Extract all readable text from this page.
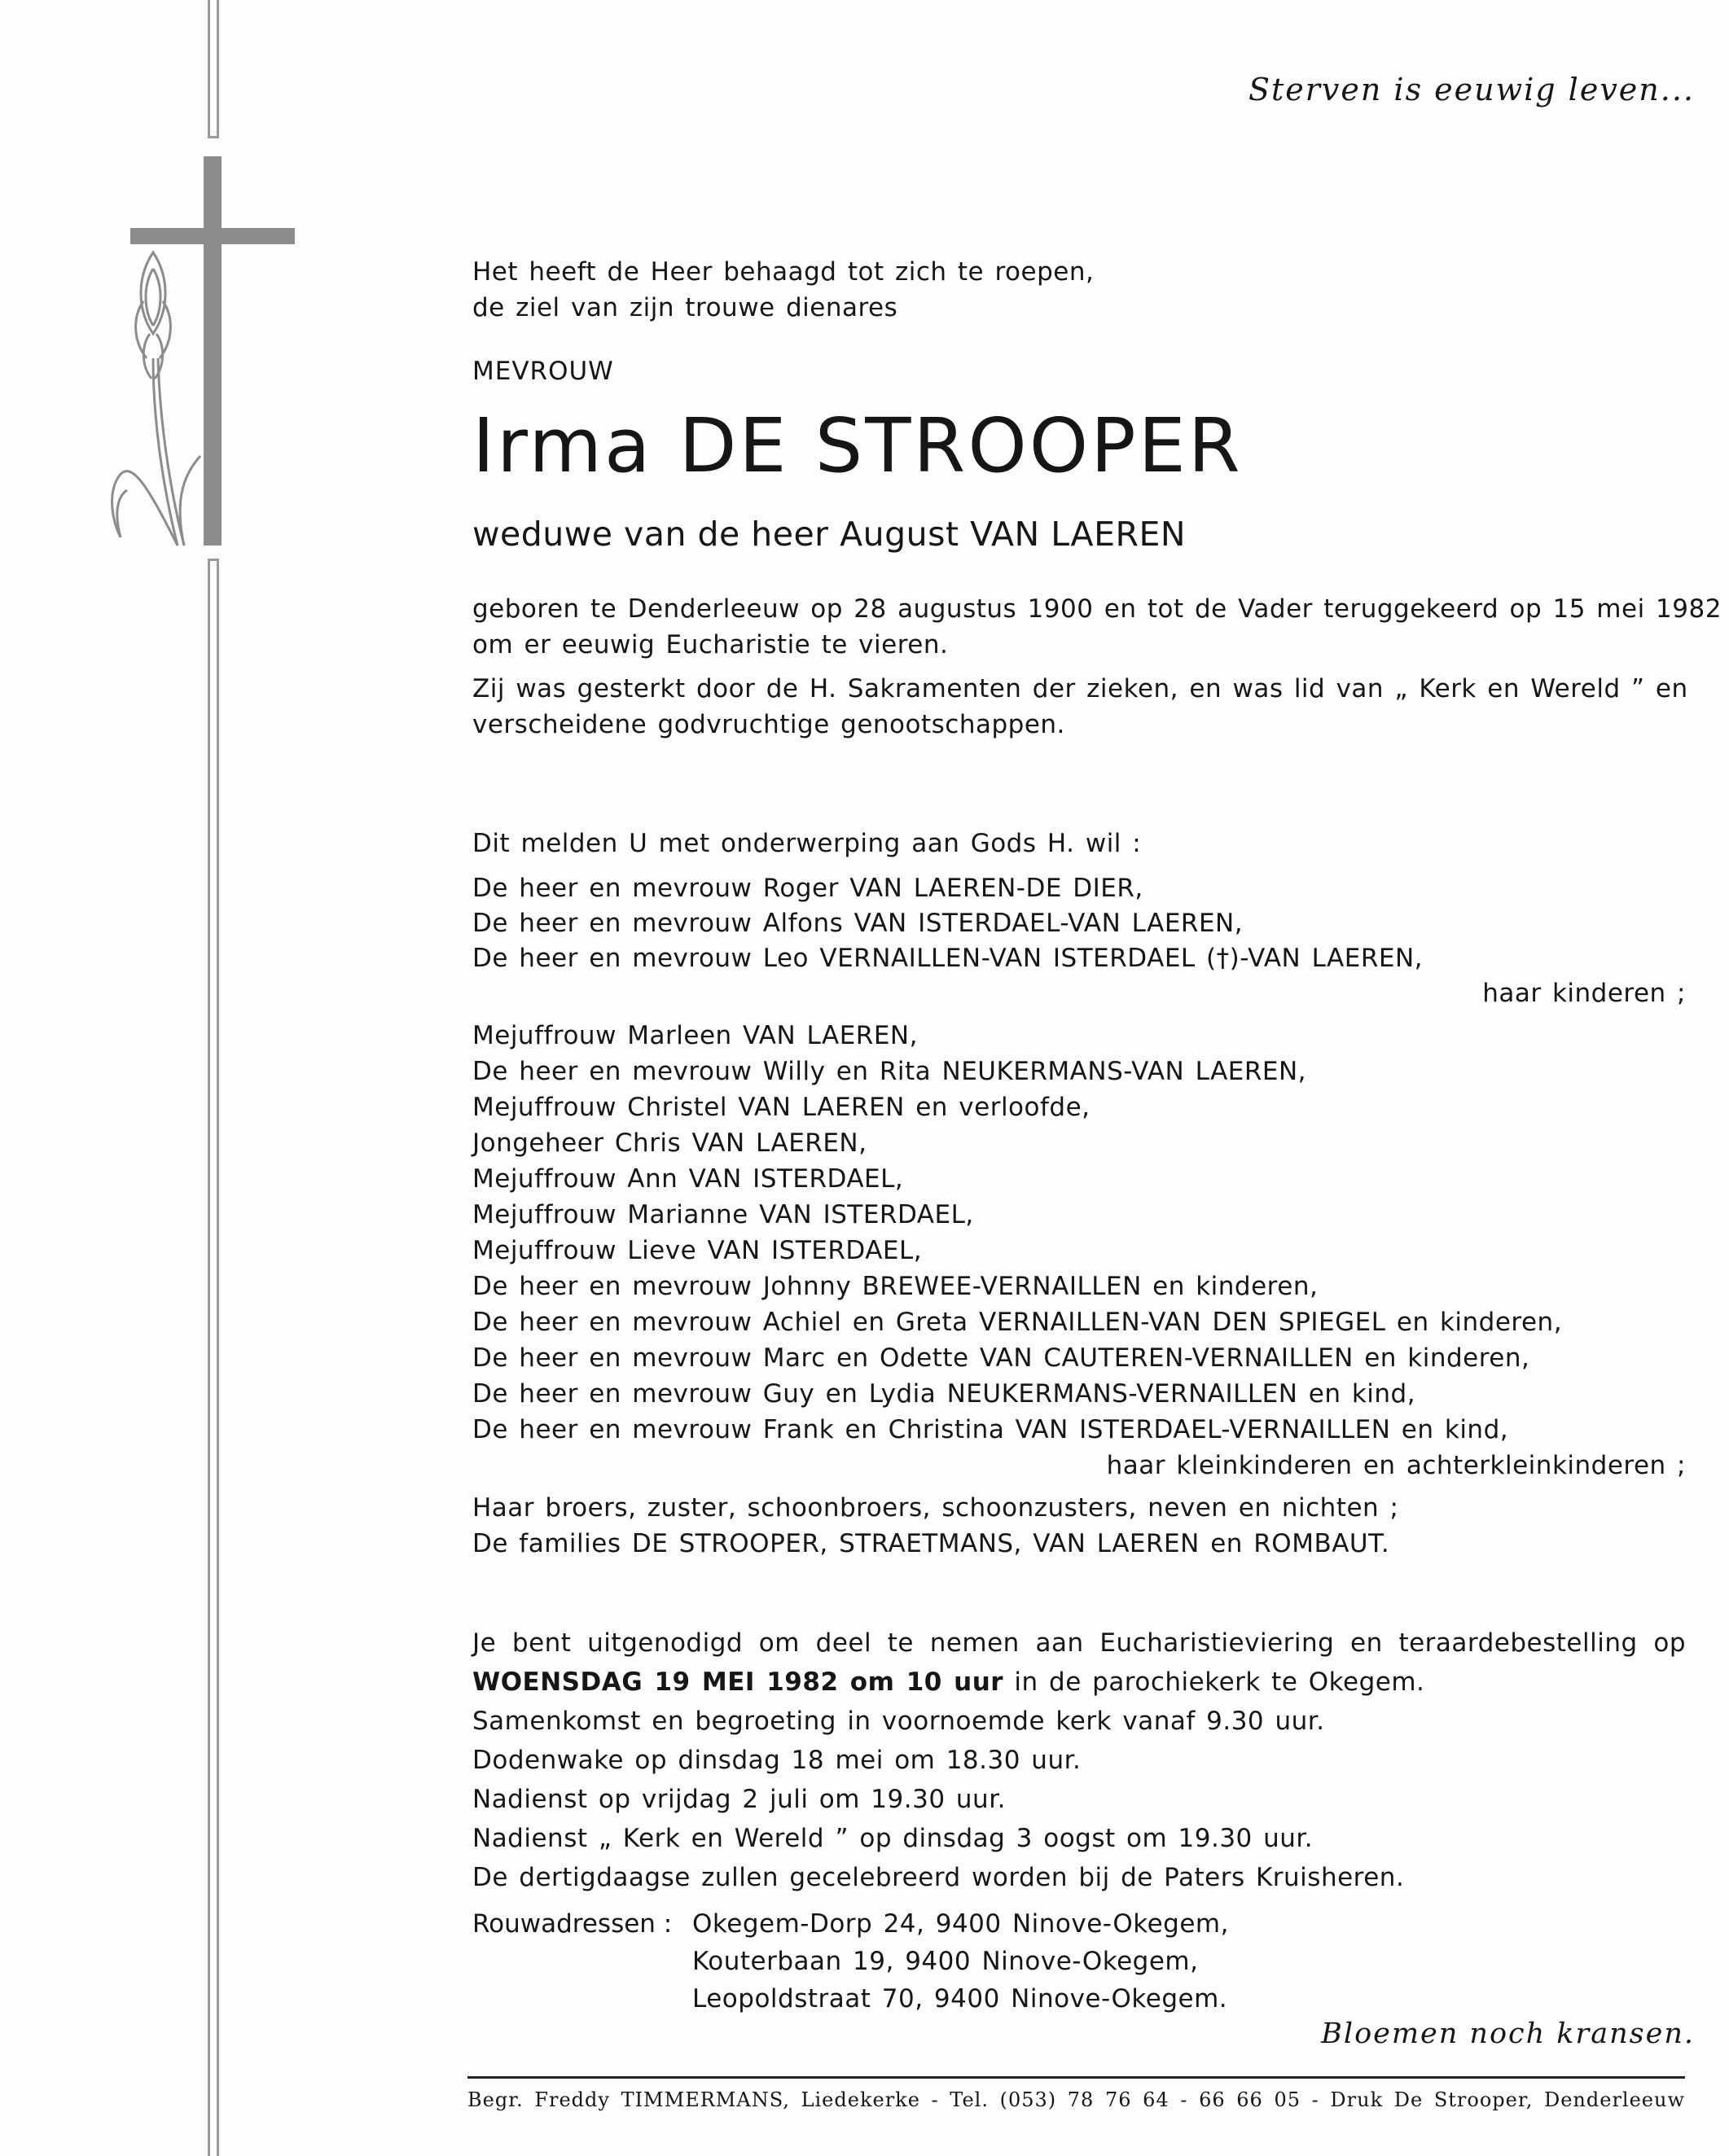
Sterven is eeuwig leven...
Het heeft de Heer behaagd tot zich te roepen,
de ziel van zijn trouwe dienares
MEVROUW
Irma DE STROOPER
weduwe van de heer August VAN LAEREN
geboren te Denderleeuw op 28 augustus 1900 en tot de Vader teruggekeerd op 15 mei 1982
om er eeuwig Eucharistie te vieren.
Zij was gesterkt door de H. Sakramenten der zieken, en was lid van „ Kerk en Wereld ” en
verscheidene godvruchtige genootschappen.
Dit melden U met onderwerping aan Gods H. wil :
De heer en mevrouw Roger VAN LAEREN-DE DIER,
De heer en mevrouw Alfons VAN ISTERDAEL-VAN LAEREN,
De heer en mevrouw Leo VERNAILLEN-VAN ISTERDAEL (†)-VAN LAEREN,
haar kinderen ;
Mejuffrouw Marleen VAN LAEREN,
De heer en mevrouw Willy en Rita NEUKERMANS-VAN LAEREN,
Mejuffrouw Christel VAN LAEREN en verloofde,
Jongeheer Chris VAN LAEREN,
Mejuffrouw Ann VAN ISTERDAEL,
Mejuffrouw Marianne VAN ISTERDAEL,
Mejuffrouw Lieve VAN ISTERDAEL,
De heer en mevrouw Johnny BREWEE-VERNAILLEN en kinderen,
De heer en mevrouw Achiel en Greta VERNAILLEN-VAN DEN SPIEGEL en kinderen,
De heer en mevrouw Marc en Odette VAN CAUTEREN-VERNAILLEN en kinderen,
De heer en mevrouw Guy en Lydia NEUKERMANS-VERNAILLEN en kind,
De heer en mevrouw Frank en Christina VAN ISTERDAEL-VERNAILLEN en kind,
haar kleinkinderen en achterkleinkinderen ;
Haar broers, zuster, schoonbroers, schoonzusters, neven en nichten ;
De families DE STROOPER, STRAETMANS, VAN LAEREN en ROMBAUT.
Je bent uitgenodigd om deel te nemen aan Eucharistieviering en teraardebestelling op
WOENSDAG 19 MEI 1982 om 10 uur in de parochiekerk te Okegem.
Samenkomst en begroeting in voornoemde kerk vanaf 9.30 uur.
Dodenwake op dinsdag 18 mei om 18.30 uur.
Nadienst op vrijdag 2 juli om 19.30 uur.
Nadienst „ Kerk en Wereld ” op dinsdag 3 oogst om 19.30 uur.
De dertigdaagse zullen gecelebreerd worden bij de Paters Kruisheren.
Rouwadressen : Okegem-Dorp 24, 9400 Ninove-Okegem,
Kouterbaan 19, 9400 Ninove-Okegem,
Leopoldstraat 70, 9400 Ninove-Okegem.
Bloemen noch kransen.
Begr. Freddy TIMMERMANS, Liedekerke - Tel. (053) 78 76 64 - 66 66 05 - Druk De Strooper, Denderleeuw
